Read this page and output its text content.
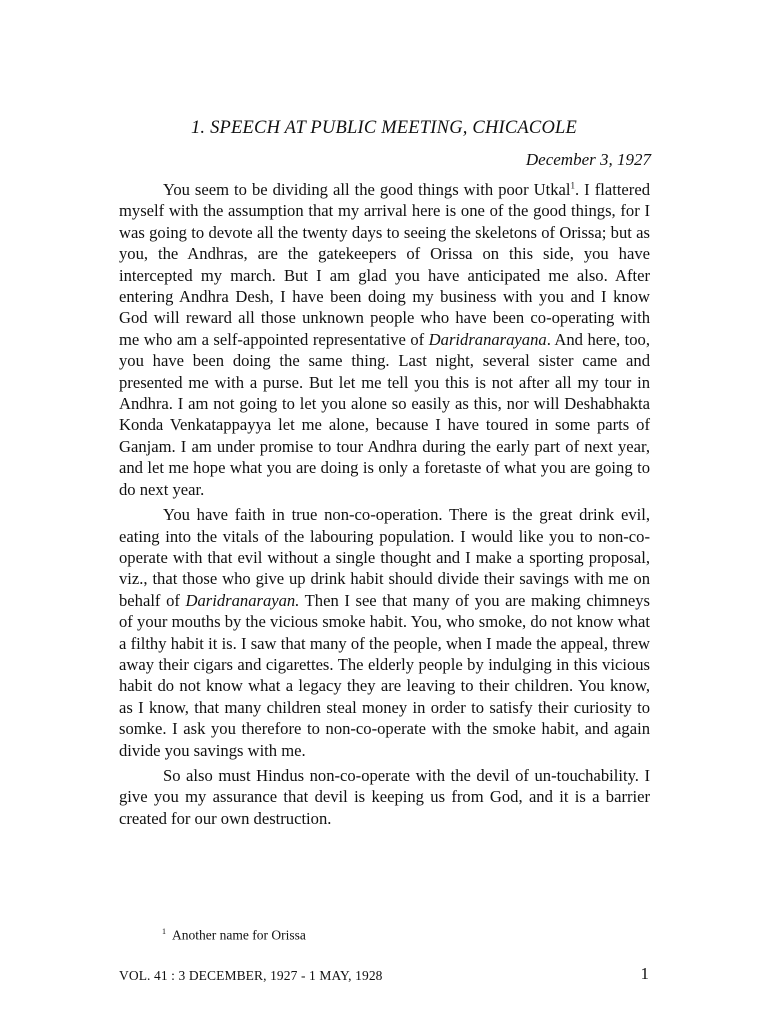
1. SPEECH AT PUBLIC MEETING, CHICACOLE
December 3, 1927

You seem to be dividing all the good things with poor Utkal$^1$. I flattered myself with the assumption that my arrival here is one of the good things, for I was going to devote all the twenty days to seeing the skeletons of Orissa; but as you, the Andhras, are the gatekeepers of Orissa on this side, you have intercepted my march. But I am glad you have anticipated me also. After entering Andhra Desh, I have been doing my business with you and I know God will reward all those unknown people who have been co-operating with me who am a self-appointed representative of Daridranarayana. And here, too, you have been doing the same thing. Last night, several sister came and presented me with a purse. But let me tell you this is not after all my tour in Andhra. I am not going to let you alone so easily as this, nor will Deshabhakta Konda Venkatappayya let me alone, because I have toured in some parts of Ganjam. I am under promise to tour Andhra during the early part of next year, and let me hope what you are doing is only a foretaste of what you are going to do next year.

You have faith in true non-co-operation. There is the great drink evil, eating into the vitals of the labouring population. I would like you to non-co-operate with that evil without a single thought and I make a sporting proposal, viz., that those who give up drink habit should divide their savings with me on behalf of Daridranarayan. Then I see that many of you are making chimneys of your mouths by the vicious smoke habit. You, who smoke, do not know what a filthy habit it is. I saw that many of the people, when I made the appeal, threw away their cigars and cigarettes. The elderly people by indulging in this vicious habit do not know what a legacy they are leaving to their children. You know, as I know, that many children steal money in order to satisfy their curiosity to somke. I ask you therefore to non-co-operate with the smoke habit, and again divide you savings with me.

So also must Hindus non-co-operate with the devil of un-touchability. I give you my assurance that devil is keeping us from God, and it is a barrier created for our own destruction.

$^1$ Another name for Orissa
VOL. 41 : 3 DECEMBER, 1927 - 1 MAY, 1928	1
